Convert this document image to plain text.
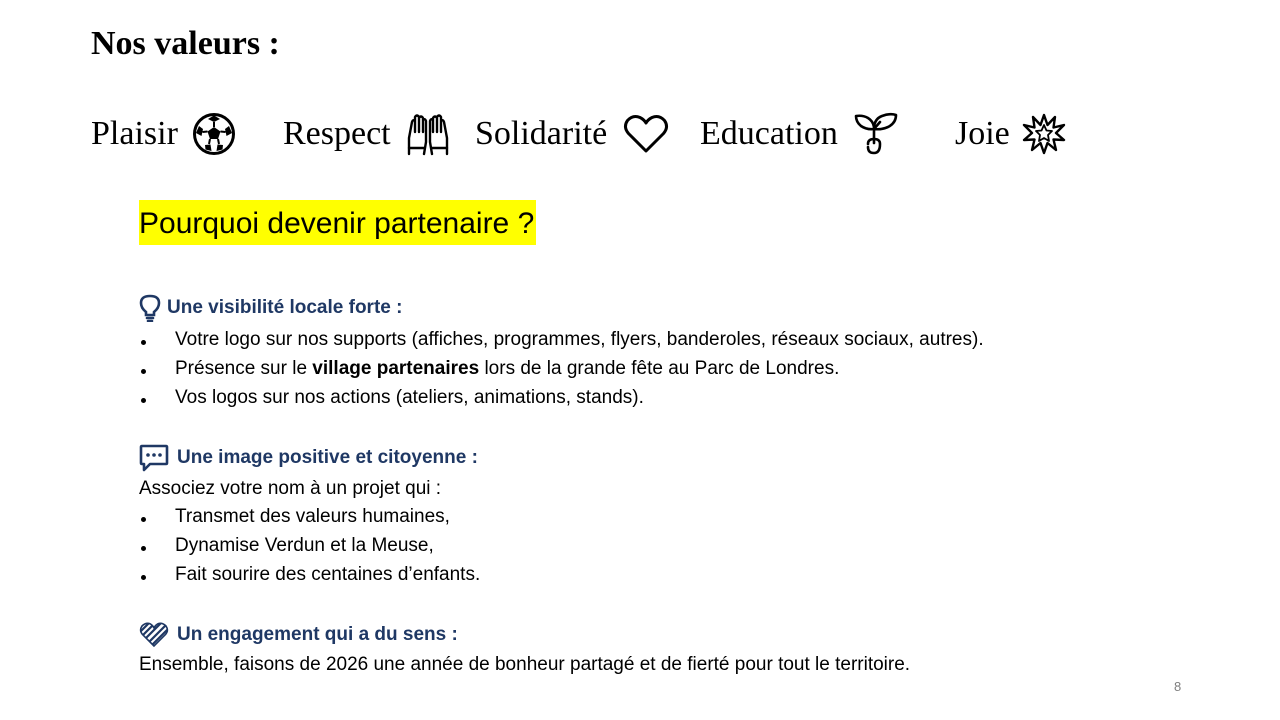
Nos valeurs :
Plaisir	Respect Solidarité	Education	Joie
Pourquoi devenir partenaire ?
Une visibilité locale forte :
Votre logo sur nos supports (affiches, programmes, flyers, banderoles, réseaux sociaux, autres).
Présence sur le village partenaires lors de la grande fête au Parc de Londres.
Vos logos sur nos actions (ateliers, animations, stands).
Une image positive et citoyenne :
Associez votre nom à un projet qui :
Transmet des valeurs humaines,
Dynamise Verdun et la Meuse,
Fait sourire des centaines d’enfants.
Un engagement qui a du sens :
Ensemble, faisons de 2026 une année de bonheur partagé et de fierté pour tout le territoire.
8
